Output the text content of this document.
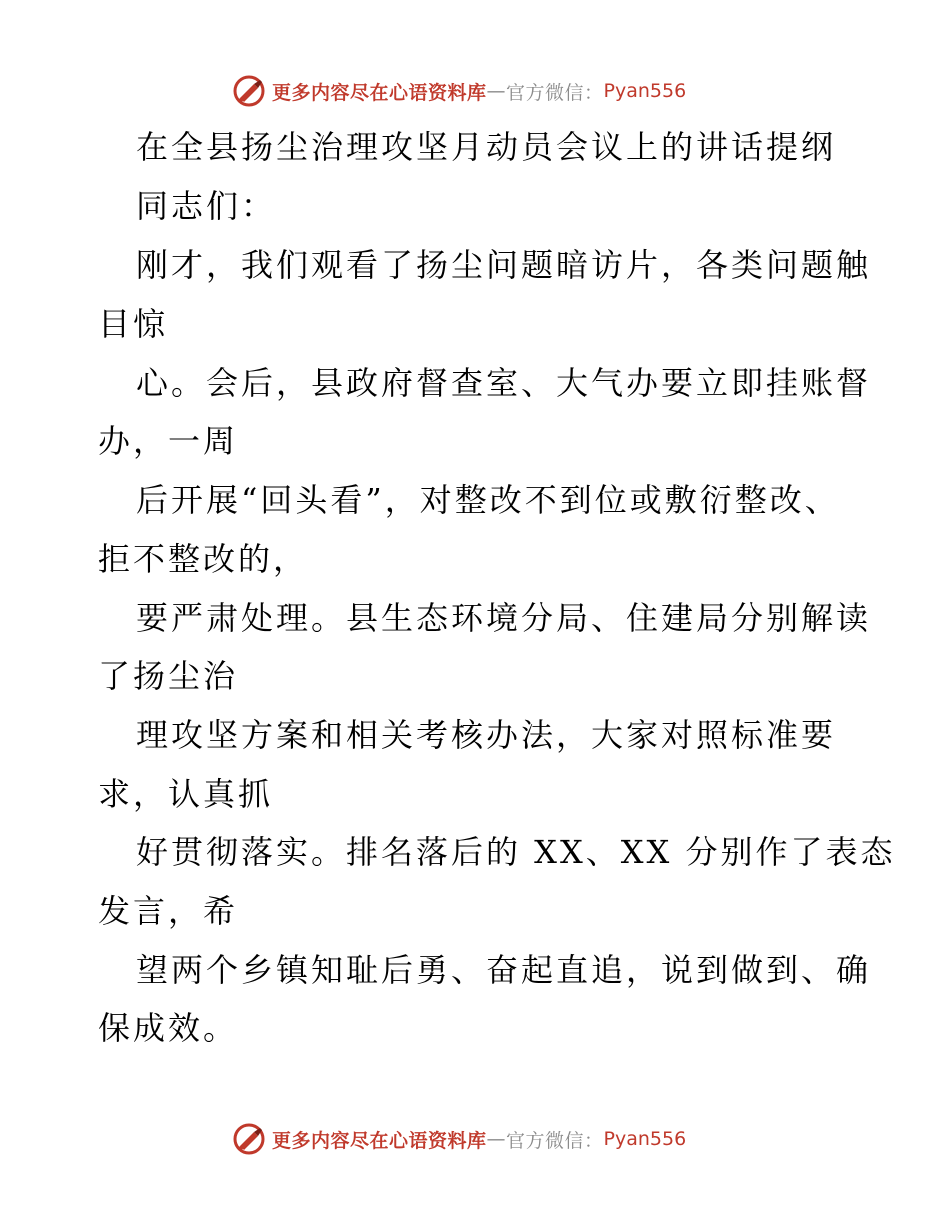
更多内容尽在心语资料库 — 官方微信： Pyan556
在全县扬尘治理攻坚月动员会议上的讲话提纲
同志们：
刚才，我们观看了扬尘问题暗访片，各类问题触
目惊
心。会后，县政府督查室、大气办要立即挂账督
办，一周
后开展“回头看”，对整改不到位或敷衍整改、
拒不整改的，
要严肃处理。县生态环境分局、住建局分别解读
了扬尘治
理攻坚方案和相关考核办法，大家对照标准要
求，认真抓
好贯彻落实。排名落后的 XX、XX 分别作了表态
发言，希
望两个乡镇知耻后勇、奋起直追，说到做到、确
保成效。
更多内容尽在心语资料库 — 官方微信： Pyan556
